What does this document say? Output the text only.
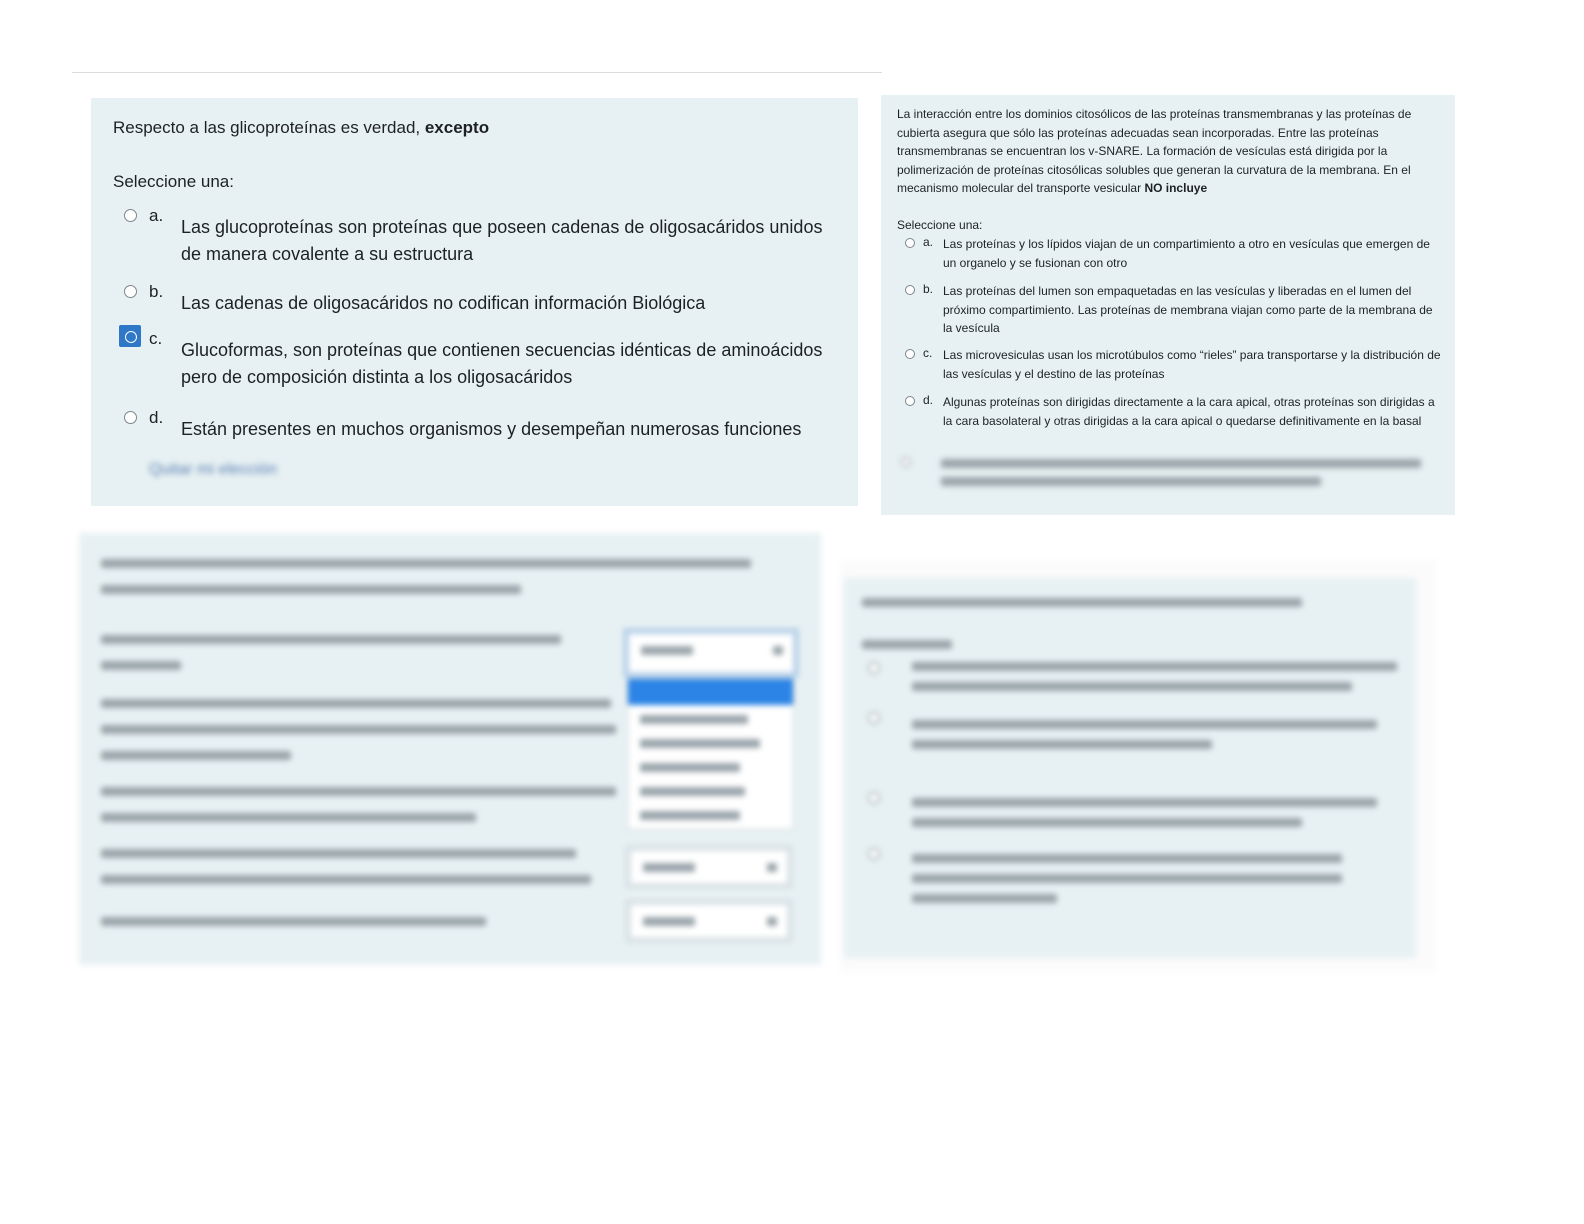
Respecto a las glicoproteínas es verdad, excepto
Seleccione una:
a.
Las glucoproteínas son proteínas que poseen cadenas de oligosacáridos unidos de manera covalente a su estructura
b.
Las cadenas de oligosacáridos no codifican información Biológica
c.
Glucoformas, son proteínas que contienen secuencias idénticas de aminoácidos pero de composición distinta a los oligosacáridos
d.
Están presentes en muchos organismos y desempeñan numerosas funciones
Quitar mi elección
La interacción entre los dominios citosólicos de las proteínas transmembranas y las proteínas de cubierta asegura que sólo las proteínas adecuadas sean incorporadas. Entre las proteínas transmembranas se encuentran los v-SNARE. La formación de vesículas está dirigida por la polimerización de proteínas citosólicas solubles que generan la curvatura de la membrana. En el mecanismo molecular del transporte vesicular NO incluye
Seleccione una:
a. Las proteínas y los lípidos viajan de un compartimiento a otro en vesículas que emergen de un organelo y se fusionan con otro
b. Las proteínas del lumen son empaquetadas en las vesículas y liberadas en el lumen del próximo compartimiento. Las proteínas de membrana viajan como parte de la membrana de la vesícula
c. Las microvesiculas usan los microtúbulos como “rieles” para transportarse y la distribución de las vesículas y el destino de las proteínas
d. Algunas proteínas son dirigidas directamente a la cara apical, otras proteínas son dirigidas a la cara basolateral y otras dirigidas a la cara apical o quedarse definitivamente en la basal
